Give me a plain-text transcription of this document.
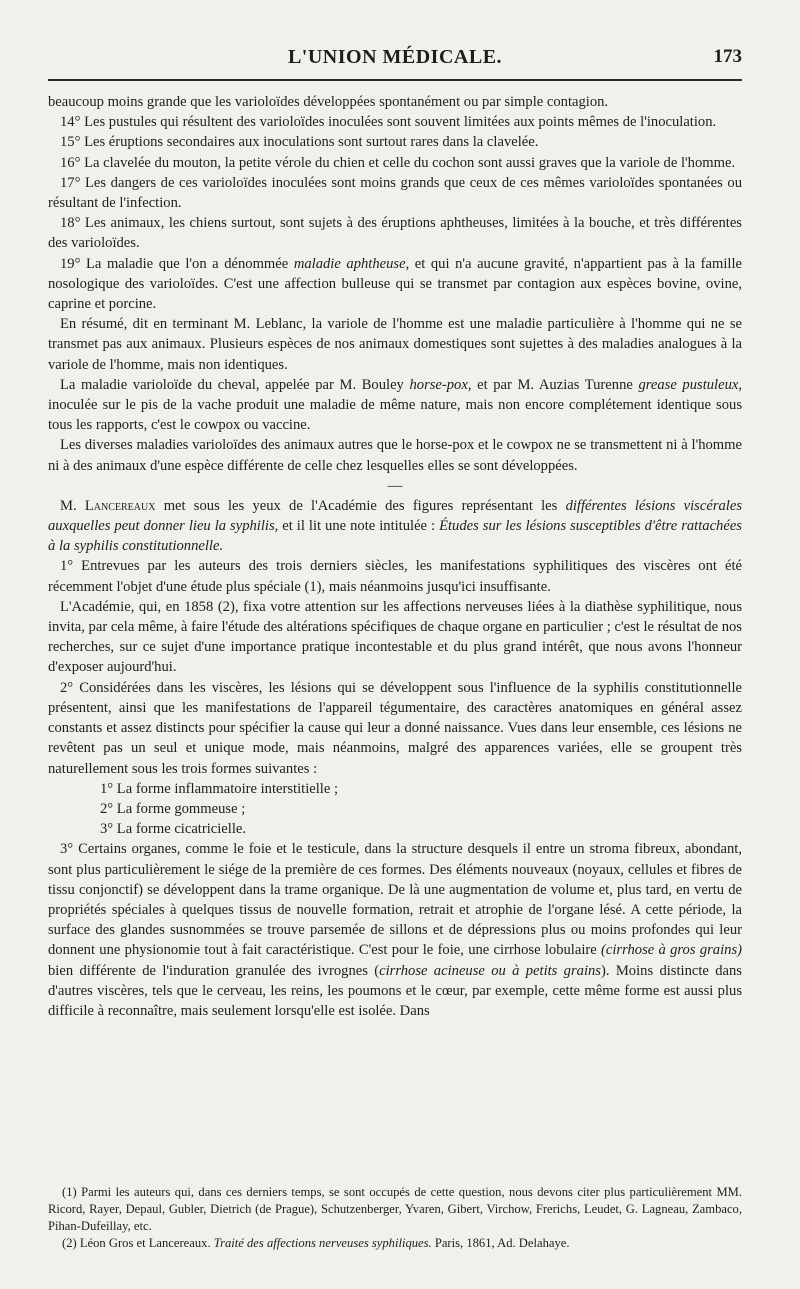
L'UNION MÉDICALE.	173

beaucoup moins grande que les varioloïdes développées spontanément ou par simple contagion.

14° Les pustules qui résultent des varioloïdes inoculées sont souvent limitées aux points mêmes de l'inoculation.

15° Les éruptions secondaires aux inoculations sont surtout rares dans la clavelée.

16° La clavelée du mouton, la petite vérole du chien et celle du cochon sont aussi graves que la variole de l'homme.

17° Les dangers de ces varioloïdes inoculées sont moins grands que ceux de ces mêmes varioloïdes spontanées ou résultant de l'infection.

18° Les animaux, les chiens surtout, sont sujets à des éruptions aphtheuses, limitées à la bouche, et très différentes des varioloïdes.

19° La maladie que l'on a dénommée maladie aphtheuse, et qui n'a aucune gravité, n'appartient pas à la famille nosologique des varioloïdes. C'est une affection bulleuse qui se transmet par contagion aux espèces bovine, ovine, caprine et porcine.

En résumé, dit en terminant M. Leblanc, la variole de l'homme est une maladie particulière à l'homme qui ne se transmet pas aux animaux. Plusieurs espèces de nos animaux domestiques sont sujettes à des maladies analogues à la variole de l'homme, mais non identiques.

La maladie varioloïde du cheval, appelée par M. Bouley horse-pox, et par M. Auzias Turenne grease pustuleux, inoculée sur le pis de la vache produit une maladie de même nature, mais non encore complétement identique sous tous les rapports, c'est le cowpox ou vaccine.

Les diverses maladies varioloïdes des animaux autres que le horse-pox et le cowpox ne se transmettent ni à l'homme ni à des animaux d'une espèce différente de celle chez lesquelles elles se sont développées.

—

M. Lancereaux met sous les yeux de l'Académie des figures représentant les différentes lésions viscérales auxquelles peut donner lieu la syphilis, et il lit une note intitulée : Études sur les lésions susceptibles d'être rattachées à la syphilis constitutionnelle.

1° Entrevues par les auteurs des trois derniers siècles, les manifestations syphilitiques des viscères ont été récemment l'objet d'une étude plus spéciale (1), mais néanmoins jusqu'ici insuffisante.

L'Académie, qui, en 1858 (2), fixa votre attention sur les affections nerveuses liées à la diathèse syphilitique, nous invita, par cela même, à faire l'étude des altérations spécifiques de chaque organe en particulier ; c'est le résultat de nos recherches, sur ce sujet d'une importance pratique incontestable et du plus grand intérêt, que nous avons l'honneur d'exposer aujourd'hui.

2° Considérées dans les viscères, les lésions qui se développent sous l'influence de la syphilis constitutionnelle présentent, ainsi que les manifestations de l'appareil tégumentaire, des caractères anatomiques en général assez constants et assez distincts pour spécifier la cause qui leur a donné naissance. Vues dans leur ensemble, ces lésions ne revêtent pas un seul et unique mode, mais néanmoins, malgré des apparences variées, elle se groupent très naturellement sous les trois formes suivantes :

1° La forme inflammatoire interstitielle ;

2° La forme gommeuse ;

3° La forme cicatricielle.

3° Certains organes, comme le foie et le testicule, dans la structure desquels il entre un stroma fibreux, abondant, sont plus particulièrement le siége de la première de ces formes. Des éléments nouveaux (noyaux, cellules et fibres de tissu conjonctif) se développent dans la trame organique. De là une augmentation de volume et, plus tard, en vertu de propriétés spéciales à quelques tissus de nouvelle formation, retrait et atrophie de l'organe lésé. A cette période, la surface des glandes susnommées se trouve parsemée de sillons et de dépressions plus ou moins profondes qui leur donnent une physionomie tout à fait caractéristique. C'est pour le foie, une cirrhose lobulaire (cirrhose à gros grains) bien différente de l'induration granulée des ivrognes (cirrhose acineuse ou à petits grains). Moins distincte dans d'autres viscères, tels que le cerveau, les reins, les poumons et le cœur, par exemple, cette même forme est aussi plus difficile à reconnaître, mais seulement lorsqu'elle est isolée. Dans

(1) Parmi les auteurs qui, dans ces derniers temps, se sont occupés de cette question, nous devons citer plus particulièrement MM. Ricord, Rayer, Depaul, Gubler, Dietrich (de Prague), Schutzenberger, Yvaren, Gibert, Virchow, Frerichs, Leudet, G. Lagneau, Zambaco, Pihan-Dufeillay, etc.

(2) Léon Gros et Lancereaux. Traité des affections nerveuses syphiliques. Paris, 1861, Ad. Delahaye.
